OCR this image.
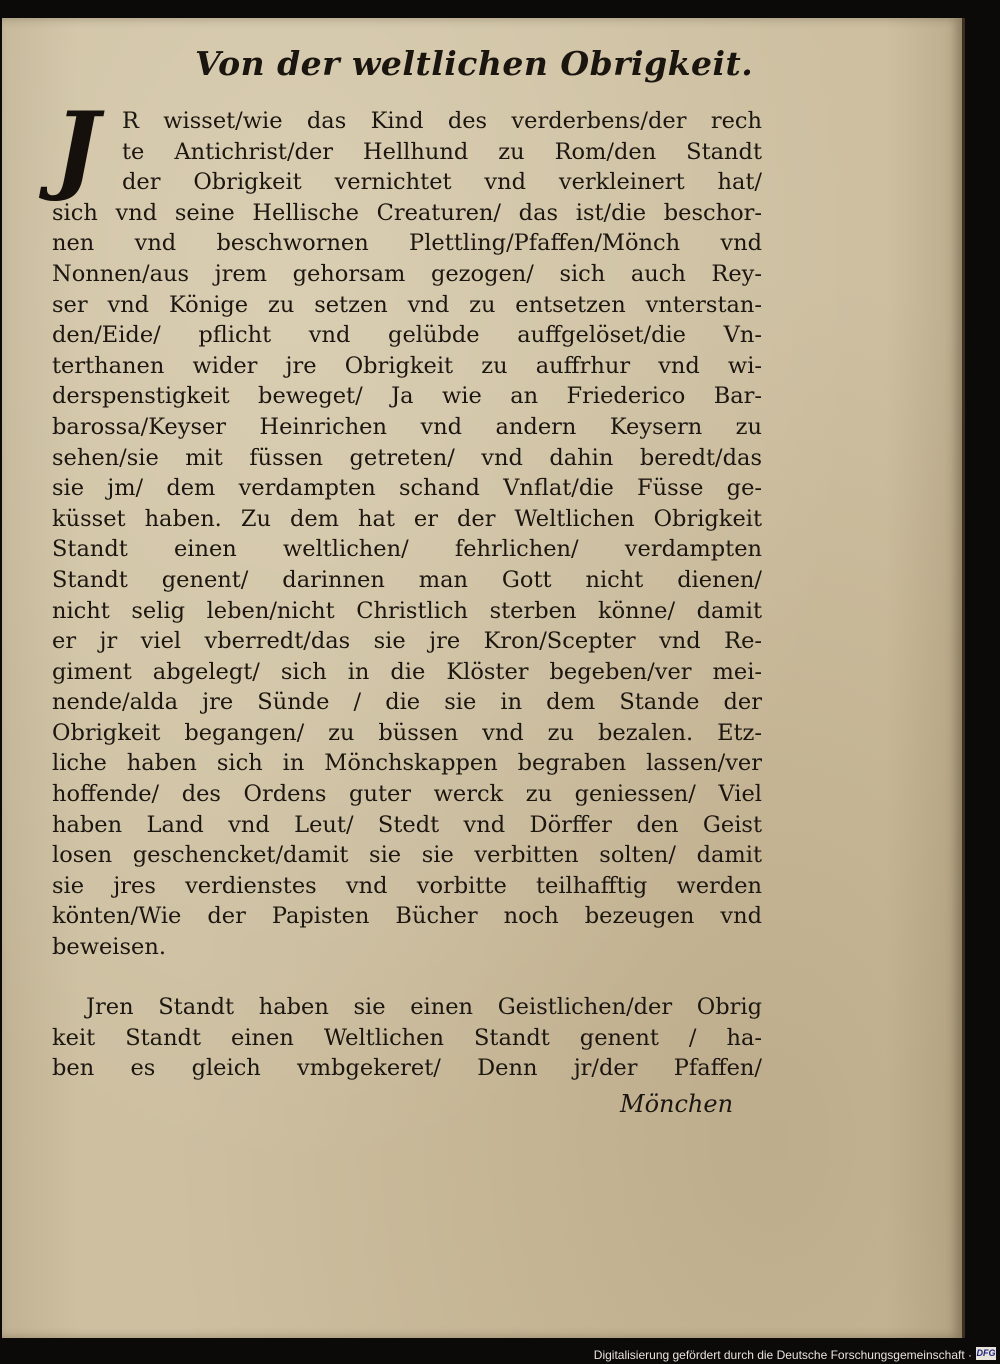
Von der weltlichen Obrigkeit.
J	R wisset/wie das Kind des verderbens/der rech
te Antichrist/der Hellhund zu Rom/den Standt
der Obrigkeit vernichtet vnd verkleinert hat/
sich vnd seine Hellische Creaturen/ das ist/die beschor-
nen vnd beschwornen Plettling/Pfaffen/Mönch vnd
Nonnen/aus jrem gehorsam gezogen/ sich auch Rey-
ser vnd Könige zu setzen vnd zu entsetzen vnterstan-
den/Eide/ pflicht vnd gelübde auffgelöset/die Vn-
terthanen wider jre Obrigkeit zu auffrhur vnd wi-
derspenstigkeit beweget/ Ja wie an Friederico Bar-
barossa/Keyser Heinrichen vnd andern Keysern zu
sehen/sie mit füssen getreten/ vnd dahin beredt/das
sie jm/ dem verdampten schand Vnflat/die Füsse ge-
küsset haben. Zu dem hat er der Weltlichen Obrigkeit
Standt einen weltlichen/ fehrlichen/ verdampten
Standt genent/ darinnen man Gott nicht dienen/
nicht selig leben/nicht Christlich sterben könne/ damit
er jr viel vberredt/das sie jre Kron/Scepter vnd Re-
giment abgelegt/ sich in die Klöster begeben/ver mei-
nende/alda jre Sünde / die sie in dem Stande der
Obrigkeit begangen/ zu büssen vnd zu bezalen. Etz-
liche haben sich in Mönchskappen begraben lassen/ver
hoffende/ des Ordens guter werck zu geniessen/ Viel
haben Land vnd Leut/ Stedt vnd Dörffer den Geist
losen geschencket/damit sie sie verbitten solten/ damit
sie jres verdienstes vnd vorbitte teilhafftig werden
könten/Wie der Papisten Bücher noch bezeugen vnd
beweisen.
Jren Standt haben sie einen Geistlichen/der Obrig
keit Standt einen Weltlichen Standt genent / ha-
ben es gleich vmbgekeret/ Denn jr/der Pfaffen/
Mönchen
Digitalisierung gefördert durch die Deutsche Forschungsgemeinschaft · DFG
